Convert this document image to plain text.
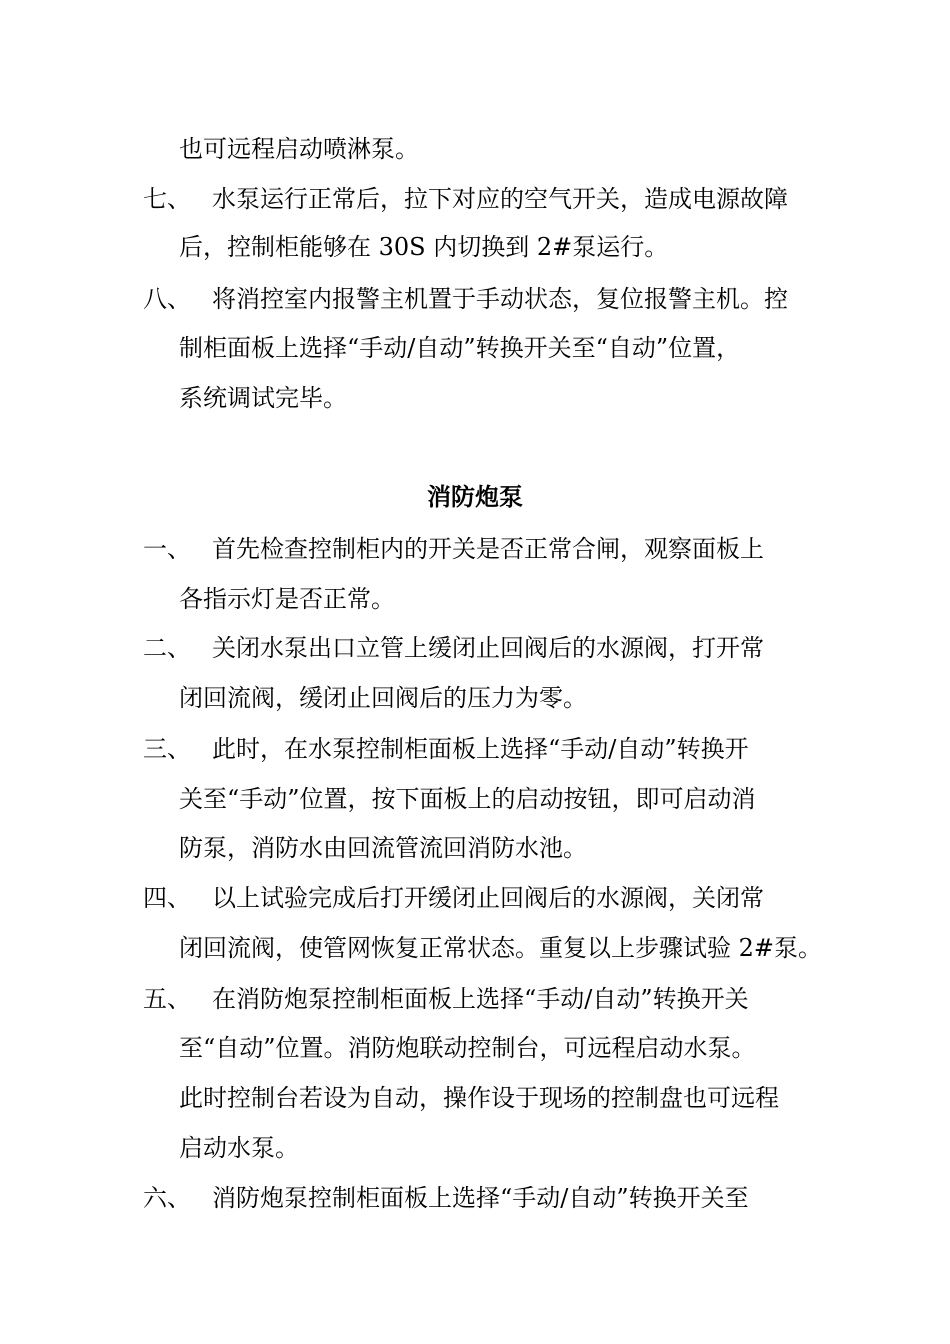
也可远程启动喷淋泵。
七、 水泵运行正常后，拉下对应的空气开关，造成电源故障
后，控制柜能够在 30S 内切换到 2#泵运行。
八、 将消控室内报警主机置于手动状态，复位报警主机。控
制柜面板上选择“手动/自动”转换开关至“自动”位置，
系统调试完毕。
消防炮泵
一、 首先检查控制柜内的开关是否正常合闸，观察面板上
各指示灯是否正常。
二、 关闭水泵出口立管上缓闭止回阀后的水源阀，打开常
闭回流阀，缓闭止回阀后的压力为零。
三、 此时，在水泵控制柜面板上选择“手动/自动”转换开
关至“手动”位置，按下面板上的启动按钮，即可启动消
防泵，消防水由回流管流回消防水池。
四、 以上试验完成后打开缓闭止回阀后的水源阀，关闭常
闭回流阀，使管网恢复正常状态。重复以上步骤试验 2#泵。
五、 在消防炮泵控制柜面板上选择“手动/自动”转换开关
至“自动”位置。消防炮联动控制台，可远程启动水泵。
此时控制台若设为自动，操作设于现场的控制盘也可远程
启动水泵。
六、 消防炮泵控制柜面板上选择“手动/自动”转换开关至
